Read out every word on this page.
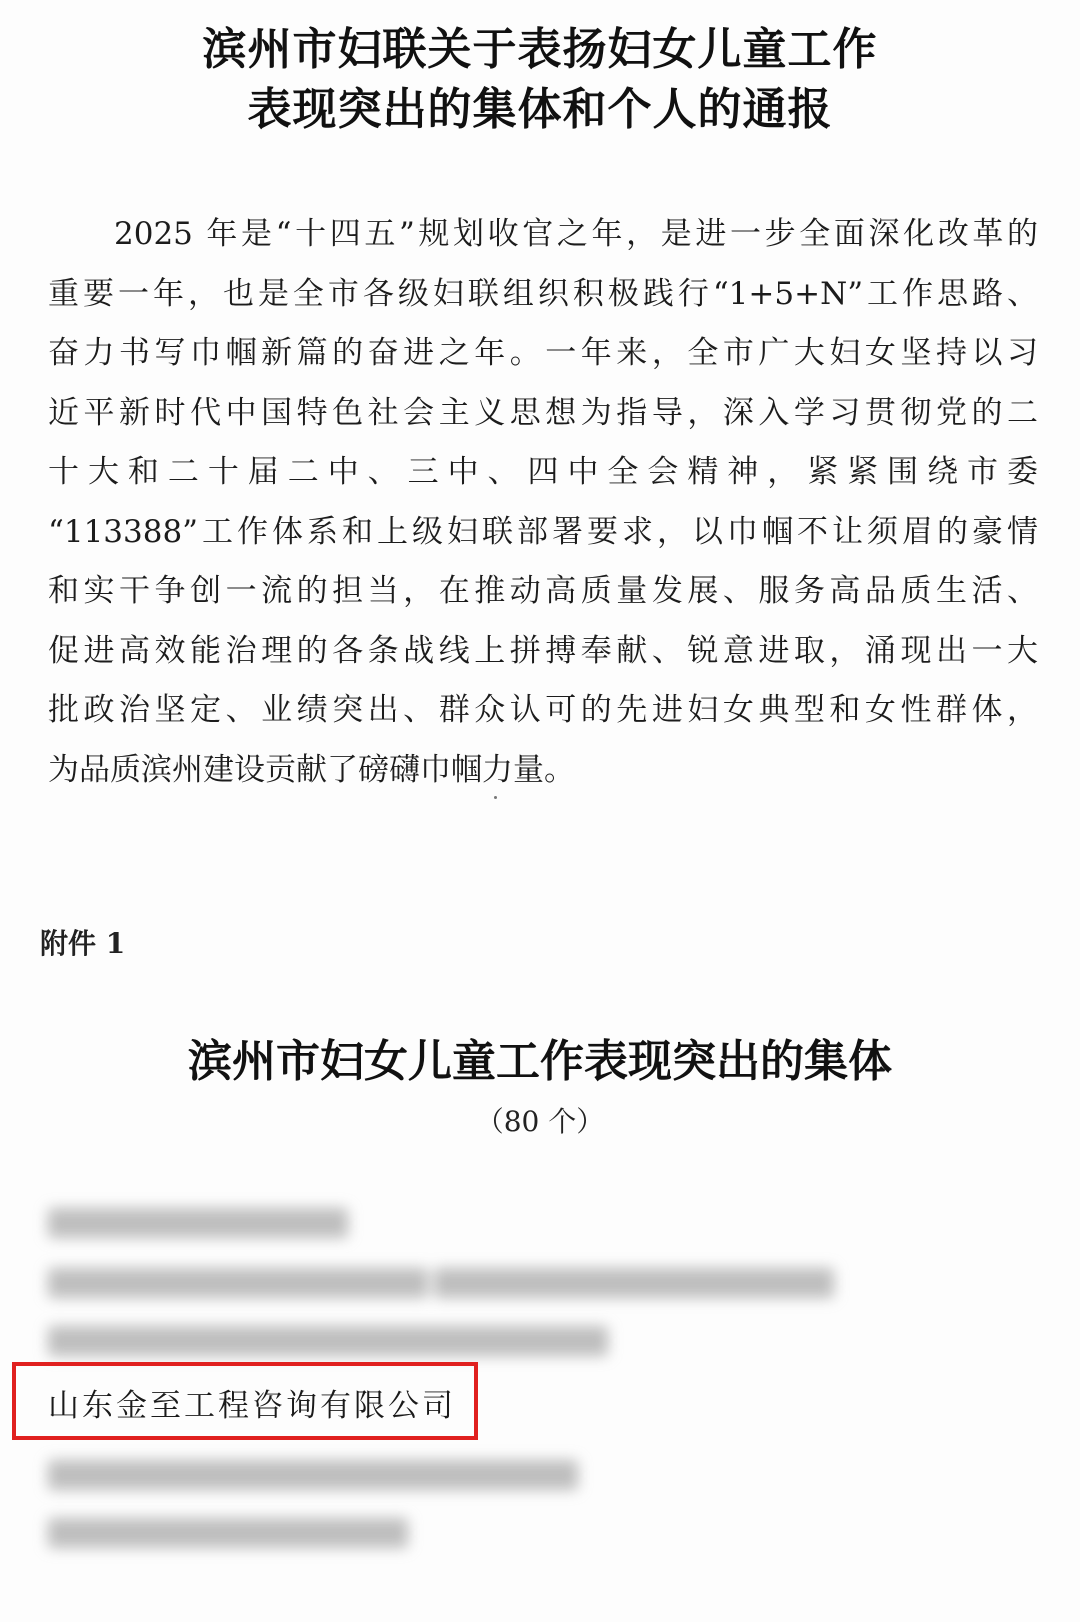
滨州市妇联关于表扬妇女儿童工作
表现突出的集体和个人的通报
2025 年是“十四五”规划收官之年，是进一步全面深化改革的
重要一年，也是全市各级妇联组织积极践行“1+5+N”工作思路、
奋力书写巾帼新篇的奋进之年。一年来，全市广大妇女坚持以习
近平新时代中国特色社会主义思想为指导，深入学习贯彻党的二
十大和二十届二中、三中、四中全会精神，紧紧围绕市委
“113388”工作体系和上级妇联部署要求，以巾帼不让须眉的豪情
和实干争创一流的担当，在推动高质量发展、服务高品质生活、
促进高效能治理的各条战线上拼搏奉献、锐意进取，涌现出一大
批政治坚定、业绩突出、群众认可的先进妇女典型和女性群体，
为品质滨州建设贡献了磅礴巾帼力量。
附件 1
滨州市妇女儿童工作表现突出的集体
（80 个）
山东金至工程咨询有限公司
